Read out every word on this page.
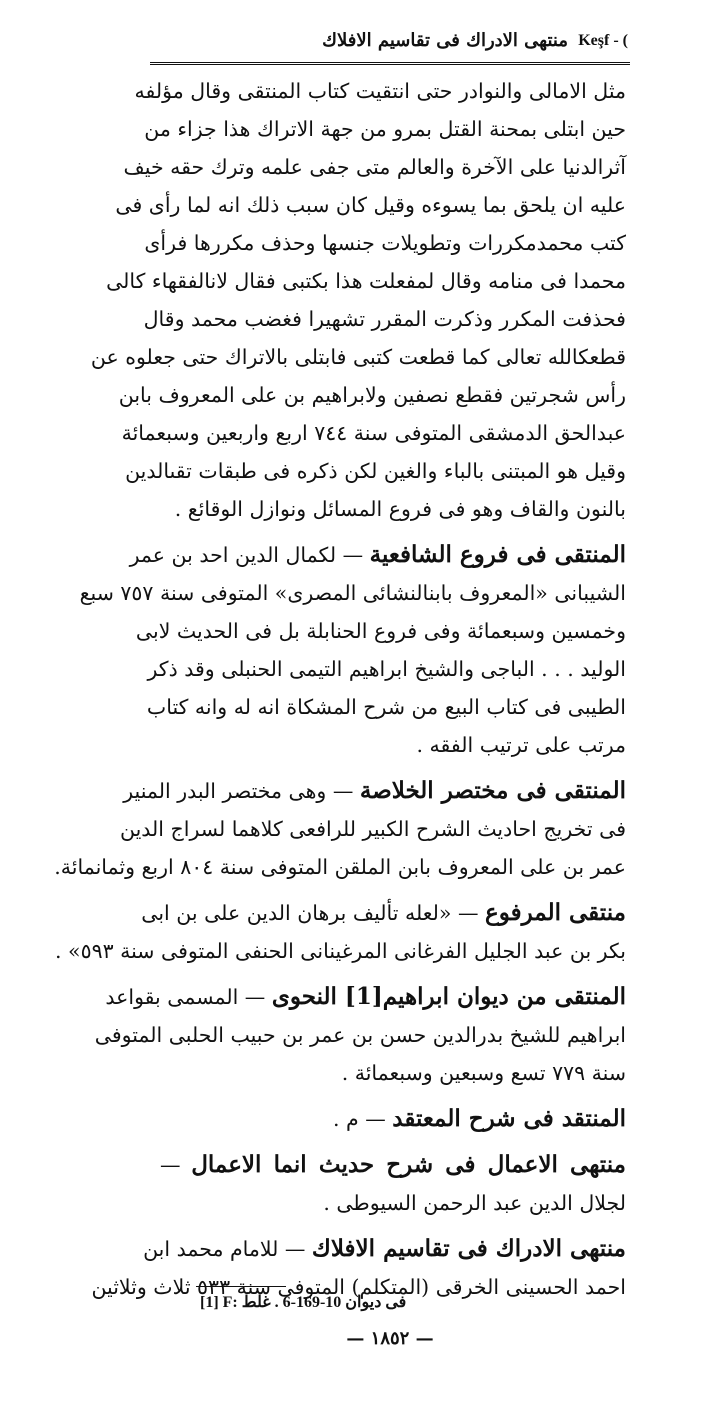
منتهى الادراك فى تقاسيم الافلاك Keşf - (
مثل الامالى والنوادر حتى انتقيت كتاب المنتقى وقال مؤلفه
حين ابتلى بمحنة القتل بمرو من جهة الاتراك هذا جزاء من
آثرالدنيا على الآخرة والعالم متى جفى علمه وترك حقه خيف
عليه ان يلحق بما يسوءه وقيل كان سبب ذلك انه لما رأى فى
كتب محمدمكررات وتطويلات جنسها وحذف مكررها فرأى
محمدا فى منامه وقال لمفعلت هذا بكتبى فقال لانالفقهاء كالى
فحذفت المكرر وذكرت المقرر تشهيرا فغضب محمد وقال
قطعكالله تعالى كما قطعت كتبى فابتلى بالاتراك حتى جعلوه عن
رأس شجرتين فقطع نصفين ولابراهيم بن على المعروف بابن
عبدالحق الدمشقى المتوفى سنة ٧٤٤ اربع واربعين وسبعمائة
وقيل هو المبتنى بالباء والغين لكن ذكره فى طبقات تقىالدين
بالنون والقاف وهو فى فروع المسائل ونوازل الوقائع .
المنتقى فى فروع الشافعية — لكمال الدين احد بن عمر
الشيبانى «المعروف بابنالنشائى المصرى» المتوفى سنة ٧٥٧ سبع
وخمسين وسبعمائة وفى فروع الحنابلة بل فى الحديث لابى
الوليد . . . الباجى والشيخ ابراهيم التيمى الحنبلى وقد ذكر
الطيبى فى كتاب البيع من شرح المشكاة انه له وانه كتاب
مرتب على ترتيب الفقه .
المنتقى فى مختصر الخلاصة — وهى مختصر البدر المنير
فى تخريج احاديث الشرح الكبير للرافعى كلاهما لسراج الدين
عمر بن على المعروف بابن الملقن المتوفى سنة ٨٠٤ اربع وثمانمائة.
منتقى المرفوع — «لعله تأليف برهان الدين على بن ابى
بكر بن عبد الجليل الفرغانى المرغينانى الحنفى المتوفى سنة ٥٩٣» .
المنتقى من ديوان ابراهيم[1] النحوى — المسمى بقواعد
ابراهيم للشيخ بدرالدين حسن بن عمر بن حبيب الحلبى المتوفى
سنة ٧٧٩ تسع وسبعين وسبعمائة .
المنتقد فى شرح المعتقد — م .
منتهى الاعمال فى شرح حديث انما الاعمال —
لجلال الدين عبد الرحمن السيوطى .
منتهى الادراك فى تقاسيم الافلاك — للامام محمد ابن
احمد الحسينى الخرقى (المتكلم) المتوفى سنة ٥٣٣ ثلاث وثلاثين
[1] F: فى ديوان 10-169-6 . غلط
— ١٨٥٢ —
